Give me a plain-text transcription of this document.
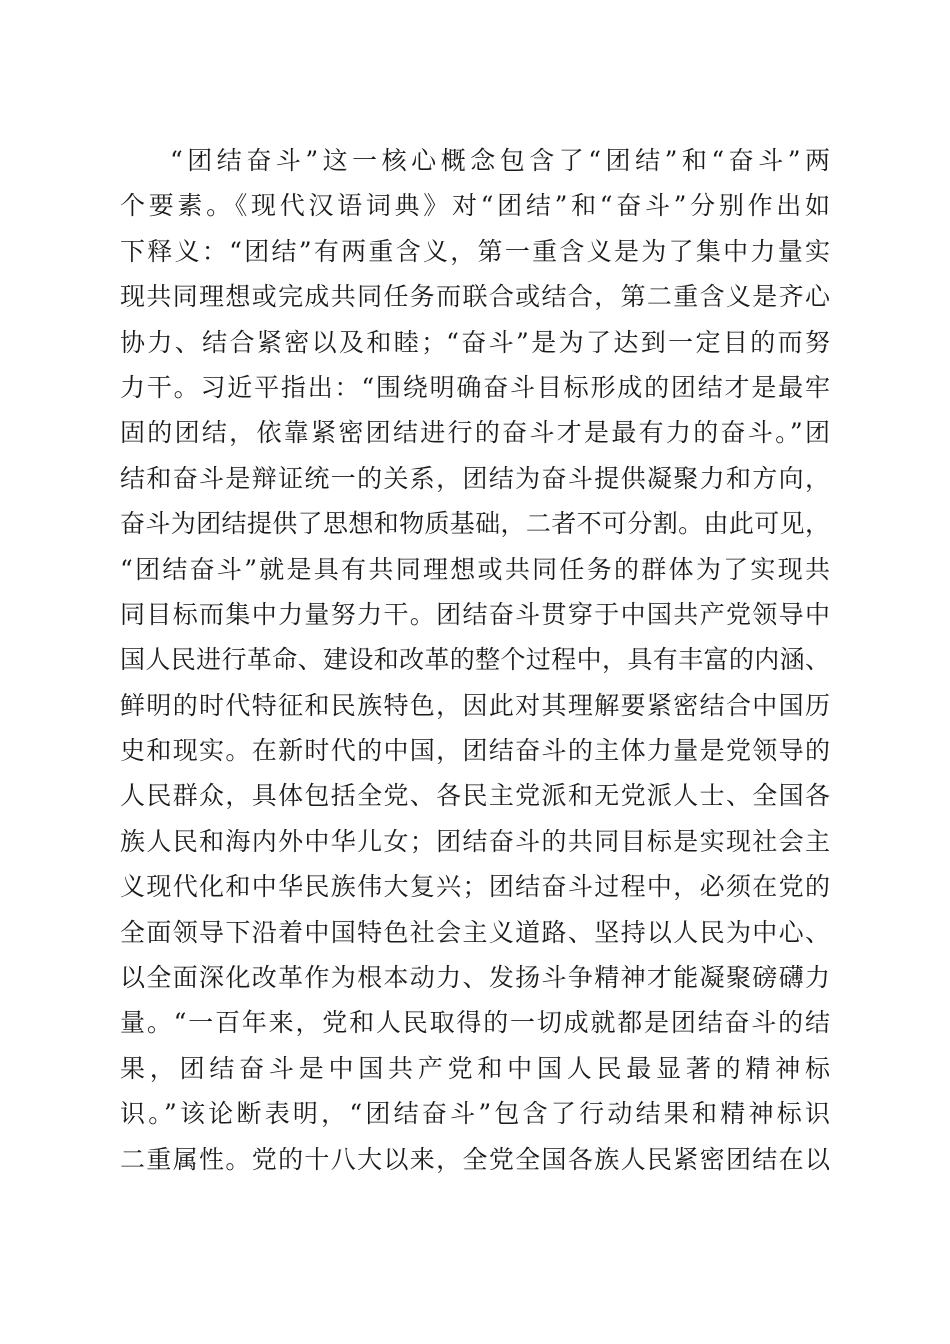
“团结奋斗”这一核心概念包含了“团结”和“奋斗”两
个要素。《现代汉语词典》对“团结”和“奋斗”分别作出如
下释义：“团结”有两重含义，第一重含义是为了集中力量实
现共同理想或完成共同任务而联合或结合，第二重含义是齐心
协力、结合紧密以及和睦；“奋斗”是为了达到一定目的而努
力干。习近平指出：“围绕明确奋斗目标形成的团结才是最牢
固的团结，依靠紧密团结进行的奋斗才是最有力的奋斗。”团
结和奋斗是辩证统一的关系，团结为奋斗提供凝聚力和方向，
奋斗为团结提供了思想和物质基础，二者不可分割。由此可见，
“团结奋斗”就是具有共同理想或共同任务的群体为了实现共
同目标而集中力量努力干。团结奋斗贯穿于中国共产党领导中
国人民进行革命、建设和改革的整个过程中，具有丰富的内涵、
鲜明的时代特征和民族特色，因此对其理解要紧密结合中国历
史和现实。在新时代的中国，团结奋斗的主体力量是党领导的
人民群众，具体包括全党、各民主党派和无党派人士、全国各
族人民和海内外中华儿女；团结奋斗的共同目标是实现社会主
义现代化和中华民族伟大复兴；团结奋斗过程中，必须在党的
全面领导下沿着中国特色社会主义道路、坚持以人民为中心、
以全面深化改革作为根本动力、发扬斗争精神才能凝聚磅礴力
量。“一百年来，党和人民取得的一切成就都是团结奋斗的结
果，团结奋斗是中国共产党和中国人民最显著的精神标
识。”该论断表明，“团结奋斗”包含了行动结果和精神标识
二重属性。党的十八大以来，全党全国各族人民紧密团结在以
